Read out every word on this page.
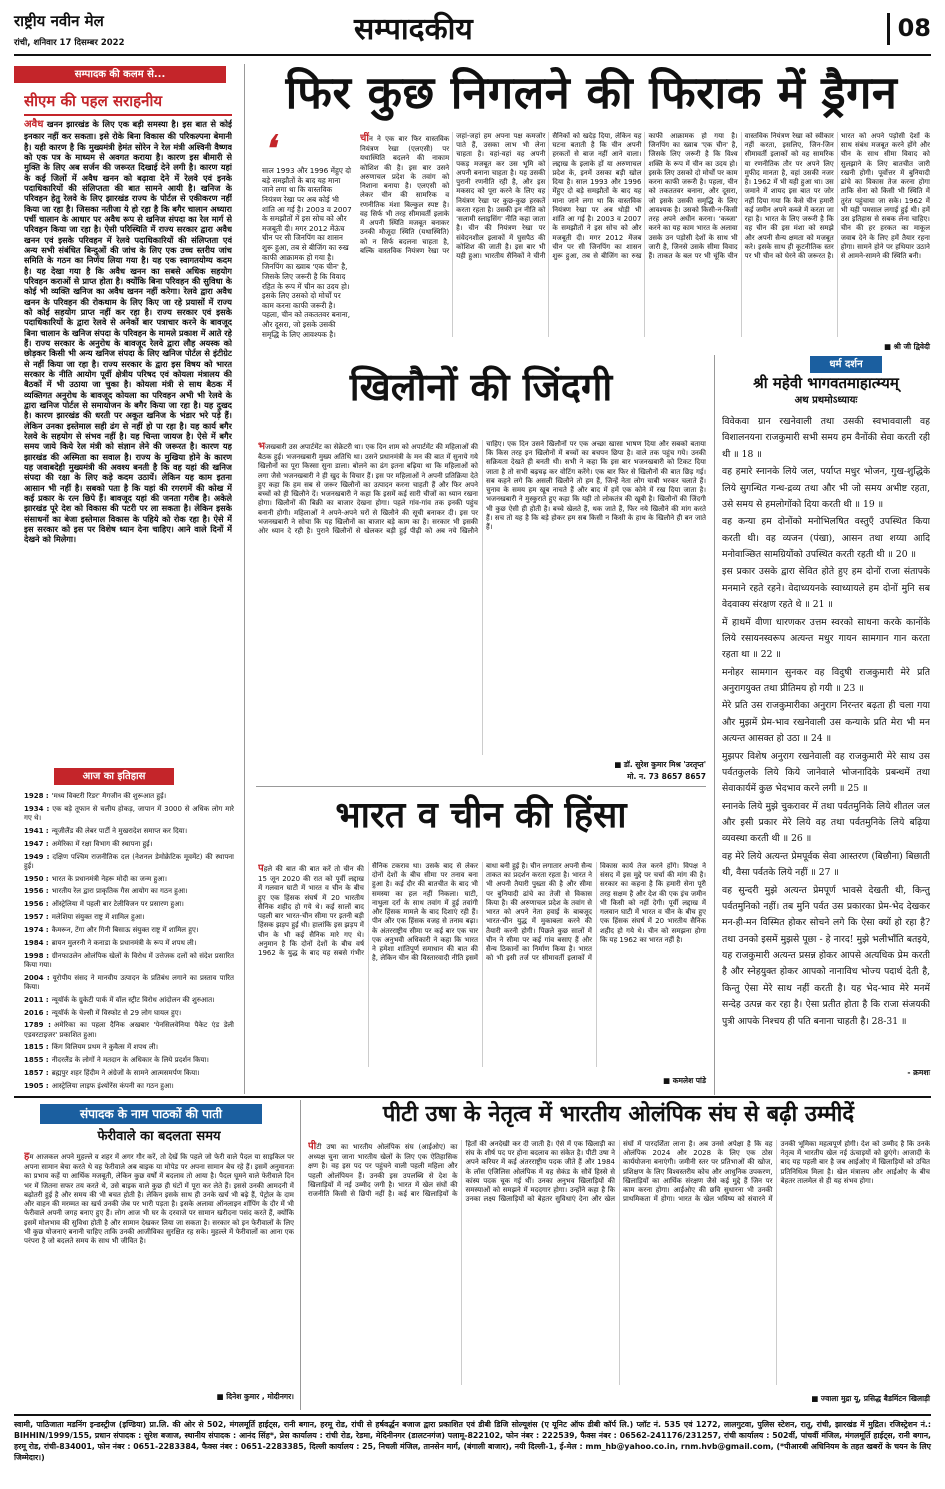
राष्ट्रीय नवीन मेल
रांची, शनिवार 17 दिसम्बर 2022	सम्पादकीय	08
सम्पादक की कलम से...	फिर कुछ निगलने की फिराक में ड्रैगन
सीएम की पहल सराहनीय

अवैध खनन झारखंड के लिए एक बड़ी समस्या है। इस बात से कोई इनकार नहीं कर सकता। इसे रोके बिना विकास की परिकल्पना बेमानी है। यही कारण है कि मुख्यमंत्री हेमंत सोरेन ने रेल मंत्री अश्विनी वैष्णव को एक पत्र के माध्यम से अवगत कराया है। कारण इस बीमारी से मुक्ति के लिए अब सर्जन की जरूरत दिखाई देने लगी है। कारण यहां के कई जिलों में अवैध खनन को बढ़ावा देने में रेलवे एवं इनके पदाधिकारियों की संलिप्तता की बात सामने आयी है। खनिज के परिवहन हेतु रेलवे के लिए झारखंड राज्य के पोर्टल से एकीकरण नहीं किया जा रहा है। जिसका नतीजा ये हो रहा है कि बगैर चालान अध्यारा पर्ची चालान के आधार पर अवैध रूप से खनिज संपदा का रेल मार्ग से परिवहन किया जा रहा है। ऐसी परिस्थिति में राज्य सरकार द्वारा अवैध खनन एवं इसके परिवहन में रेलवे पदाधिकारियों की संलिप्तता एवं अन्य सभी संबंधित बिन्दुओं की जांच के लिए एक उच्च स्तरीय जांच समिति के गठन का निर्णय लिया गया है। यह एक स्वागतयोग्य कदम है। यह देखा गया है कि अवैध खनन का सबसे अधिक सहयोग परिवहन कराओं से प्राप्त होता है। क्योंकि बिना परिवहन की सुविधा के कोई भी व्यक्ति खनिज का अवैध खनन नहीं करेगा। रेलवे द्वारा अवैध खनन के परिवहन की रोकथाम के लिए किए जा रहे प्रयासों में राज्य को कोई सहयोग प्राप्त नहीं कर रहा है। राज्य सरकार एवं इसके पदाधिकारियों के द्वारा रेलवे से अनेकों बार पत्राचार करने के बावजूद बिना चालान के खनिज संपदा के परिवहन के मामले प्रकाश में आते रहे हैं। राज्य सरकार के अनुरोध के बावजूद रेलवे द्वारा लौह अयस्क को छोड़कर किसी भी अन्य खनिज संपदा के लिए खनिज पोर्टल से इंटीग्रेट से नहीं किया जा रहा है। राज्य सरकार के द्वारा इस विषय को भारत सरकार के नीति आयोग पूर्वी क्षेत्रीय परिषद एवं कोयला मंत्रालय की बैठकों में भी उठाया जा चुका है। कोयला मंत्री से साथ बैठक में व्यक्तिगत अनुरोध के बावजूद कोयला का परिवहन अभी भी रेलवे के द्वारा खनिज पोर्टल से समायोजन के बगैर किया जा रहा है। यह दुखद है। कारण झारखंड की धरती पर अकूत खनिज के भंडार भरे पड़े हैं। लेकिन उनका इस्तेमाल सही ढंग से नहीं हो पा रहा है। यह कार्य बगैर रेलवे के सहयोग से संभव नहीं है। यह चिन्ता जायज है। ऐसे में बगैर समय जाये किये रेल मंत्री को संज्ञान लेने की जरूरत है। कारण यह झारखंड की अस्मिता का सवाल है। राज्य के मुखिया होने के कारण यह जवाबदेही मुख्यमंत्री की अवश्य बनती है कि वह यहां की खनिज संपदा की रक्षा के लिए कड़े कदम उठायें। लेकिन यह काम इतना आसान भी नहीं है। सबको पता है कि यहां की रगरगमें की कोख में कई प्रकार के रत्न छिपे हैं। बावजूद यहां की जनता गरीब है। अकेले झारखंड पूरे देश को विकास की पटरी पर ला सकता है। लेकिन इसके संसाधनों का बेजा इस्तेमाल विकास के पहिये को रोक रहा है। ऐसे में इस सरकार को इस पर विशेष ध्यान देना चाहिए। आने वाले दिनों में देखने को मिलेगा।

आज का इतिहास
1928 : 'मध्य विक्टरी रिडर' मैगजीन की शुरूआत हुई।
1934 : एक बड़े तूफान से चलीय होकड़, जापान में 3000 से अधिक लोग मारे गए थे।
1941 : न्यूजीलैंड की लेबर पार्टी ने मुखरादेश समाप्त कर दिया।
1947 : अमेरिका में रक्षा विभाग की स्थापना हुई।
1949 : दक्षिण पश्चिम राजनीतिक दल (नेशनल डेमोक्रेटिक मूवमेंट) की स्थापना हुई।
1950 : भारत के प्रधानमंत्री नेहरू मोदी का जन्म हुआ।
1956 : भारतीय रेल द्वारा प्राकृतिक गैस आयोग का गठन हुआ।
1956 : ऑस्ट्रेलिया में पहली बार टेलीविजन पर प्रसारण हुआ।
1957 : मलेशिया संयुक्त राष्ट्र में शामिल हुआ।
1974 : कैमरून, टेंगा और गिनी बिसाऊ संयुक्त राष्ट्र में शामिल हुए।
1984 : ब्रायन मुलरनी ने कनाडा के प्रधानमंत्री के रूप में शपथ ली।
1998 : ग्रीनफाउलेन ओलंपिक खेलों के विरोध में उत्तेजक दलों को संदेश प्रसारित किया गया।
2004 : यूरोपीय संसद ने मानवीय उत्पादन के प्रतिबंध लगाने का प्रस्ताव पारित किया।
2011 : न्यूयॉर्क के ग्रुकेटी पार्क में वॉल स्ट्रीट विरोध आंदोलन की शुरुआत।
2016 : न्यूयॉर्क के चेल्सी में विस्फोट से 29 लोग घायल हुए।
1789 : अमेरिका का पहला दैनिक अखबार 'पेनसिलवेनिया पैकेट एंड डेली एडवरटाइजर' प्रकाशित हुआ।
1815 : किंग विलियम प्रथम ने कुवैत्स में शपथ ली।
1855 : नीदरलैंड के लोगों ने मतदान के अधिकार के लिये प्रदर्शन किया।
1857 : ब्रह्मपुर शहर हिंदीम ने अंग्रेजों के सामने आत्मसमर्पण किया।
1905 : आस्ट्रेलिया लाइफ इंश्योरेंस कंपनी का गठन हुआ।
❛
साल 1993 और 1996 मेंहुए दो बड़े समझौतों के बाद यह माना जाने लगा था कि वास्तविक नियंत्रण रेखा पर अब कोई भी शांति आ गई है। 2003 व 2007 के समझौतों में इस सोच को और मजबूती दी। मगर 2012 मेंऊंच चीन पर सी जिनपिंग का शासन शुरू हुआ, तब से बीजिंग का रुख काफी आक्रामक हो गया है। जिनपिंग का ख्वाब 'एक चीन' है, जिसके लिए जरूरी है कि विवाद रहित के रूप में चीन का उदय हो। इसके लिए उसको दो मोर्चों पर काम करना काफी जरूरी है। पहला, चीन को तकततवर बनाना, और दूसरा, जो इसके उसकी समृद्धि के लिए आवश्यक है।

चींन ने एक बार फिर वास्तविक नियंत्रण रेखा (एलएसी) पर यथास्थिति बदलने की नाकाम कोशिश की है। इस बार उसने अरुणाचल प्रदेश के तवांग को निशाना बनाया है। एलएसी को लेकर चीन की सामरिक व रणनीतिक मंशा बिल्कुल स्पष्ट है। वह सिर्फ भी तरह सीमावर्ती इलाके में अपनी स्थिति मजबूत बनाकर उनकी मौजूदा स्थिति (यथास्थिति) को न सिर्फ बदलना चाहता है, बल्कि वास्तविक नियंत्रण रेखा पर जहां-जहां हम अपना पक्ष कमजोर पाते हैं, उसका लाभ भी लेना चाहता है। वहां-वहां वह अपनी पकड़ मजबूत कर उस भूमि को अपनी बनाना चाहता है। यह उसकी पुरानी रणनीति रही है, और इस मकसद को पूरा करने के लिए वह नियंत्रण रेखा पर कुछ-कुछ हरकतें करता रहता है। उसकी इन नीति को 'सलामी स्लाइसिंग' नीति कहा जाता है। चीन की नियंत्रण रेखा पर संवेदनशील इलाकों में घुसपैठ की कोशिश की जाती है। इस बार भी यही हुआ। भारतीय सैनिकों ने चीनी सैनिकों को खदेड़ दिया, लेकिन यह घटना बताती है कि चीन अपनी हरकतों से बाज नहीं आने वाला। लद्दाख के इलाके हों या अरुणाचल प्रदेश के, इनमें उसका बड़ी खोल दिया है। साल 1993 और 1996 मेंहुए दो बड़े समझौतों के बाद यह माना जाने लगा था कि वास्तविक नियंत्रण रेखा पर अब थोड़ी भी शांति आ गई है। 2003 व 2007 के समझौतों ने इस सोच को और मजबूती दी। मगर 2012 मेंजब चीन पर सी जिनपिंग का शासन शुरू हुआ, तब से बीजिंग का रुख काफी आक्रामक हो गया है। जिनपिंग का ख्वाब 'एक चीन' है, जिसके लिए जरूरी है कि विश्व शक्ति के रूप में चीन का उदय हो। इसके लिए उसको दो मोर्चों पर काम करना काफी जरूरी है। पहला, चीन को तकततवर बनाना, और दूसरा, जो इसके उसकी समृद्धि के लिए आवश्यक है। उसको किसी-न-किसी तरह अपने अधीन करना। 'कब्जा' करने का यह काम भारत के अलावा उसके उन पड़ोसी देशों के साथ भी जारी है, जिनसे उसके सीमा विवाद हैं। ताकत के बल पर भी चूंकि चीन वास्तविक नियंत्रण रेखा को स्वीकार नहीं करता, इसलिए, जिन-जिन सीमावर्ती इलाकों को वह सामरिक या रणनीतिक तौर पर अपने लिए मुफीद मानता है, वहां उसकी नजर है। 1962 में भी यही हुआ था। उस जमाने में शायद इस बात पर जोर नहीं दिया गया कि कैसे चीन हमारी कई जमीन अपने कब्जे में करता जा रहा है। भारत के लिए जरूरी है कि वह चीन की इस मंशा को समझे और अपनी सैन्य क्षमता को मजबूत करे। इसके साथ ही कूटनीतिक स्तर पर भी चीन को घेरने की जरूरत है। भारत को अपने पड़ोसी देशों के साथ संबंध मजबूत करने होंगे और चीन के साथ सीमा विवाद को सुलझाने के लिए बातचीत जारी रखनी होगी। पूर्वोत्तर में बुनियादी ढांचे का विकास तेज करना होगा ताकि सेना को किसी भी स्थिति में तुरंत पहुंचाया जा सके। 1962 में भी यही पमसाल लगाई हुई थी। हमें उस इतिहास से सबक लेना चाहिए। चीन की हर हरकत का माकूल जवाब देने के लिए हमें तैयार रहना होगा। सामने होने पर हथियार उठाने से आमने-सामने की स्थिति बनी।

■ श्री जी द्विवेदी
खिलौनों की जिंदगी

भजखबारी उस अपार्टमेंट का सेक्रेटरी था। एक दिन शाम को अपार्टमेंट की महिलाओं की बैठक हुई। भजनखबारी मुख्य अतिथि था। उसने प्रधानमंत्री के मन की बात में सुनाये गये खिलौनों का पूरा किस्सा सुना डाला। बोलने का ढंग इतना बढ़िया था कि महिलाओं को लगा जैसे भजनखबारी ने ही खुद के विचार हैं। इस पर महिलाओं ने अपनी प्रतिक्रिया देते हुए कहा कि हम सब से जरूर खिलौनों का उत्पादन करना चाहती हैं और फिर अपने बच्चों को ही खिलौने दें। भजनखबारी ने कहा कि इसमें कई सारी चीजों का ध्यान रखना होगा। खिलौनों की बिक्री का बाजार देखना होगा। पहले गांव-गांव तक इनकी पहुंच बनानी होगी। महिलाओं ने अपने-अपने घरों से खिलौने की सूची बनाकर दी। इस पर भजनखबारी ने सोचा कि यह खिलौनों का बाजार बड़े काम का है। सरकार भी इसकी ओर ध्यान दे रही है। पुराने खिलौनों से खेलकर बड़ी हुई पीढ़ी को अब नये खिलौने चाहिए। एक दिन उसने खिलौनों पर एक अच्छा खासा भाषण दिया और सबको बताया कि किस तरह इन खिलौनों में बच्चों का बचपन छिपा है। वाले तक पहुंच गये। उनकी सक्रियता देखते ही बनती थी। सभी ने कहा कि इस बार भजनखबारी को टिकट दिया जाता है तो सभी बढ़चढ़ कर वोटिंग करेंगे। एक बार फिर से खिलौनों की बात छिड़ गई। सब कहने लगे कि असली खिलौने तो हम हैं, जिन्हें नेता लोग चाबी भरकर चलाते हैं। चुनाव के समय हम खूब नाचते हैं और बाद में हमें एक कोने में रख दिया जाता है। भजनखबारी ने मुस्कुराते हुए कहा कि यही तो लोकतंत्र की खूबी है। खिलौनों की जिंदगी भी कुछ ऐसी ही होती है। बच्चे खेलते हैं, थक जाते हैं, फिर नये खिलौने की मांग करते हैं। सच तो यह है कि बड़े होकर हम सब किसी न किसी के हाथ के खिलौने ही बन जाते हैं।

■ डॉ. सुरेश कुमार मिश्र 'उरतृप्त'
मो. न. 73 8657 8657
धर्म दर्शन
श्री महेवी भागवतमाहात्म्यम्
अथ प्रथमोऽध्यायः

विवेकवा ग्रान रखनेवाली तथा उसकी स्वभाववाली वह विशालनयना राजकुमारी सभी समय हम वैनोंकी सेवा करती रही थी ॥ 18 ॥

वह हमारे स्नानके लिये जल, पर्याप्त मधुर भोजन, गुख-शुद्धिके लिये सुगन्धित गन्ध-द्रव्य तथा और भी जो समय अभीष्ट रहता, उसे समय से हमलोगोंको दिया करती थी ॥ 19 ॥

वह कन्या हम दोनोंको मनोभिलषित वस्तुएँ उपस्थित किया करती थी। वह व्यजन (पंखा), आसन तथा शय्या आदि मनोवाञ्छित सामग्रियोंको उपस्थित करती रहती थी ॥ 20 ॥

इस प्रकार उसके द्वारा सेवित होते हुए हम दोनों राजा संतापके मनमाने रहते रहने। वेदाध्ययनके स्वाध्यायले हम दोनों मुनि सब वेदवाक्य संरक्षण रहते थे ॥ 21 ॥

में हाथमें वीणा धारणकर उत्तम स्वरको साधना करके कानोंके लिये रसायनस्वरूप अत्यन्त मधुर गायन सामगान गान करता रहता था ॥ 22 ॥

मनोहर सामगान सुनकर वह विदुषी राजकुमारी मेरे प्रति अनुरागयुक्त तथा प्रीतिमय हो गयी ॥ 23 ॥

मेरे प्रति उस राजकुमारीका अनुराग निरन्तर बढ़ता ही चला गया और मुझमें प्रेम-भाव रखनेवाली उस कन्याके प्रति मेरा भी मन अत्यन्त आसक्त हो उठा ॥ 24 ॥

मुझपर विशेष अनुराग रखनेवाली वह राजकुमारी मेरे साथ उस पर्वतकुलके लिये किये जानेवाले भोजनादिके प्रबन्धमें तथा सेवाकार्यमें कुछ भेदभाव करने लगी ॥ 25 ॥

स्नानके लिये मुझे चुकरावर में तथा पर्वतमुनिके लिये शीतल जल और इसी प्रकार मेरे लिये वह तथा पर्वतमुनिके लिये बढ़िया व्यवस्था करती थी ॥ 26 ॥

वह मेरे लिये अत्यन्त प्रेमपूर्वक सेवा आस्तरण (बिछौना) बिछाती थी, वैसा पर्वतके लिये नहीं ॥ 27 ॥

वह सुन्दरी मुझे अत्यन्त प्रेमपूर्ण भावसे देखती थी, किन्तु पर्वतमुनिको नहीं। तब मुनि पर्वत उस प्रकारका प्रेम-भेद देखकर मन-ही-मन विस्मित होकर सोचने लगे कि ऐसा क्यों हो रहा है? तथा उनको इसमें मुझसे पूछा - हे नारद! मुझे भलीभाँति बतइये, यह राजकुमारी अत्यन्त प्रसन्न होकर आपसे अत्यधिक प्रेम करती है और स्नेहयुक्त होकर आपको नानाविध भोज्य पदार्थ देती है, किन्तु ऐसा मेरे साथ नहीं करती है। यह भेद-भाव मेरे मनमें सन्देह उत्पन्न कर रहा है। ऐसा प्रतीत होता है कि राजा संजयकी पुत्री आपके निश्चय ही पति बनाना चाहती है। 28-31 ॥

- क्रमशः
भारत व चीन की हिंसा

पहले की बात की बात करें तो चीन की 15 जून 2020 की रात को पूर्वी लद्दाख में गलवान घाटी में भारत व चीन के बीच हुए एक हिंसक संघर्ष में 20 भारतीय सैनिक शहीद हो गये थे। कई सालों बाद पहली बार भारत-चीन सीमा पर इतनी बड़ी हिंसक झड़प हुई थी। हालांकि इस झड़प में चीन के भी कई सैनिक मारे गए थे। अनुमान है कि दोनों देशों के बीच वर्ष 1962 के युद्ध के बाद यह सबसे गंभीर सैनिक टकराव था। उसके बाद से लेकर दोनों देशों के बीच सीमा पर तनाव बना हुआ है। कई दौर की बातचीत के बाद भी समस्या का हल नहीं निकला। घाटी, नाथुला दर्रा के साथ तवांग में हुई तवांगी और हिंसक मामले के बाद दिशाएं रही हैं। पीन और एक हिंसक वजह से तनाव बढ़ा। के अंतरराष्ट्रीय सीमा पर कई बार एक चार एक अनुभवी अधिकारी ने कहा कि भारत ने हमेशा शांतिपूर्ण समाधान की बात की है, लेकिन चीन की विस्तारवादी नीति इसमें बाधा बनी हुई है। चीन लगातार अपनी सैन्य ताकत का प्रदर्शन करता रहता है। भारत ने भी अपनी तैयारी पुख्ता की है और सीमा पर बुनियादी ढांचे का तेजी से विकास किया है। की अरुणाचल प्रदेश के तवांग से भारत को अपने नेता हवाई के बाबजूद भारत-चीन युद्ध में मुकाबला करने की तैयारी करनी होगी। पिछले कुछ सालों में चीन ने सीमा पर कई गांव बसाए हैं और सैन्य ठिकानों का निर्माण किया है। भारत को भी इसी तर्ज पर सीमावर्ती इलाकों में विकास कार्य तेज करने होंगे। विपक्ष ने संसद में इस मुद्दे पर चर्चा की मांग की है। सरकार का कहना है कि हमारी सेना पूरी तरह सक्षम है और देश की एक इंच जमीन भी किसी को नहीं देगी। पूर्वी लद्दाख में गलवान घाटी में भारत व चीन के बीच हुए एक हिंसक संघर्ष में 20 भारतीय सैनिक शहीद हो गये थे। चीन को समझना होगा कि यह 1962 का भारत नहीं है।

■ कमलेश पांडे
संपादक के नाम पाठकों की पाती
फेरीवाले का बदलता समय

हम आजकल अपने मुहल्ले व शहर में अगर गौर करें, तो देखें कि पहले जो फेरी वाले पैदल या साइकिल पर अपना सामान बेचा करते थे वह फेरीवाले अब बाइक या मोपेड पर अपना सामान बेच रहे हैं। इसमें अनुमानतः का प्रभाव कहें या आर्थिक मजबूती, लेकिन कुछ वर्षों में बदलाव तो आया है। पैदल घूमने वाले फेरीवाले दिन भर में जितना सफर तय करते थे, उसे बाइक वाले कुछ ही घंटों में पूरा कर लेते हैं। इससे उनकी आमदनी में बढ़ोतरी हुई है और समय की भी बचत होती है। लेकिन इसके साथ ही उनके खर्च भी बढ़े हैं, पेट्रोल के दाम और वाहन की मरम्मत का खर्च उनकी जेब पर भारी पड़ता है। इसके अलावा ऑनलाइन शॉपिंग के दौर में भी फेरीवाले अपनी जगह बनाए हुए हैं। लोग आज भी घर के दरवाजे पर सामान खरीदना पसंद करते हैं, क्योंकि इसमें मोलभाव की सुविधा होती है और सामान देखकर लिया जा सकता है। सरकार को इन फेरीवालों के लिए भी कुछ योजनाएं बनानी चाहिए ताकि उनकी आजीविका सुरक्षित रह सके। मुहल्ले में फेरीवालों का आना एक परंपरा है जो बदलते समय के साथ भी जीवित है।

■ दिनेश कुमार , मोदीनगर।
पीटी उषा के नेतृत्व में भारतीय ओलंपिक संघ से बढ़ी उम्मीदें

पीटी उषा का भारतीय ओलंपिक संघ (आईओए) का अध्यक्ष चुना जाना भारतीय खेलों के लिए एक ऐतिहासिक क्षण है। वह इस पद पर पहुंचने वाली पहली महिला और पहली ओलंपियन हैं। उनकी इस उपलब्धि से देश के खिलाड़ियों में नई उम्मीद जगी है। भारत में खेल संघों की राजनीति किसी से छिपी नहीं है। कई बार खिलाड़ियों के हितों की अनदेखी कर दी जाती है। ऐसे में एक खिलाड़ी का संघ के शीर्ष पद पर होना बदलाव का संकेत है। पीटी उषा ने अपने करियर में कई अंतरराष्ट्रीय पदक जीते हैं और 1984 के लॉस एंजिलिस ओलंपिक में वह सेकंड के सौवें हिस्से से कांस्य पदक चूक गई थीं। उनका अनुभव खिलाड़ियों की समस्याओं को समझने में मददगार होगा। उन्होंने कहा है कि उनका लक्ष्य खिलाड़ियों को बेहतर सुविधाएं देना और खेल संघों में पारदर्शिता लाना है। अब उनसे अपेक्षा है कि वह ओलंपिक 2024 और 2028 के लिए एक ठोस कार्ययोजना बनाएंगी। जमीनी स्तर पर प्रतिभाओं की खोज, प्रशिक्षण के लिए विश्वस्तरीय कोच और आधुनिक उपकरण, खिलाड़ियों का आर्थिक संरक्षण जैसे कई मुद्दे हैं जिन पर काम करना होगा। आईओए की छवि सुधारना भी उनकी प्राथमिकता में होगा। भारत के खेल भविष्य को संवारने में उनकी भूमिका महत्वपूर्ण होगी। देश को उम्मीद है कि उनके नेतृत्व में भारतीय खेल नई ऊंचाइयों को छुएंगे। आजादी के बाद यह पहली बार है जब आईओए में खिलाड़ियों को उचित प्रतिनिधित्व मिला है। खेल मंत्रालय और आईओए के बीच बेहतर तालमेल से ही यह संभव होगा।

■ ज्वाला मुद्रा यू, प्रसिद्ध बैडमिंटन खिलाड़ी
स्वामी, पाठिजाता मडनिंग इन्डस्ट्रीज (इण्डिया) प्रा.लि. की ओर से 502, मंगलमूर्ति हाईट्स, रानी बगान, हरमू रोड, रांची से हर्षवर्द्धन बजाज द्वारा प्रकाशित एवं डीबी डिजि सोल्यूशंस (ए यूनिट ऑफ डीबी कॉर्प लि.) प्लॉट नं. 535 एवं 1272, लालगुटवा, पुलिस स्टेशन, रातू, रांची, झारखंड में मुद्रित। रजिस्ट्रेशन नं.: BIHHIN/1999/155, प्रधान संपादक : सुरेश बजाज, स्थानीय संपादक : आनंद सिंह*, प्रेस कार्यालय : रांची रोड, रेडमा, मेदिनीनगर (डालटनगंज) पलामू-822102, फोन नंबर : 222539, फैक्स नंबर : 06562-241176/231257, रांची कार्यालय : 502वीं, पांचवीं मंजिल, मंगलमूर्ति हाईट्स, रानी बगान, हरमू रोड, रांची-834001, फोन नंबर : 0651-2283384, फैक्स नंबर : 0651-2283385, दिल्ली कार्यालय : 25, निचली मंजिल, तानसेन मार्ग, (बंगाली बाजार), नयी दिल्ली-1, ई-मेल : mm_hb@yahoo.co.in, rnm.hvb@gmail.com, (*पीआरबी अधिनियम के तहत खबरों के चयन के लिए जिम्मेदार।)
